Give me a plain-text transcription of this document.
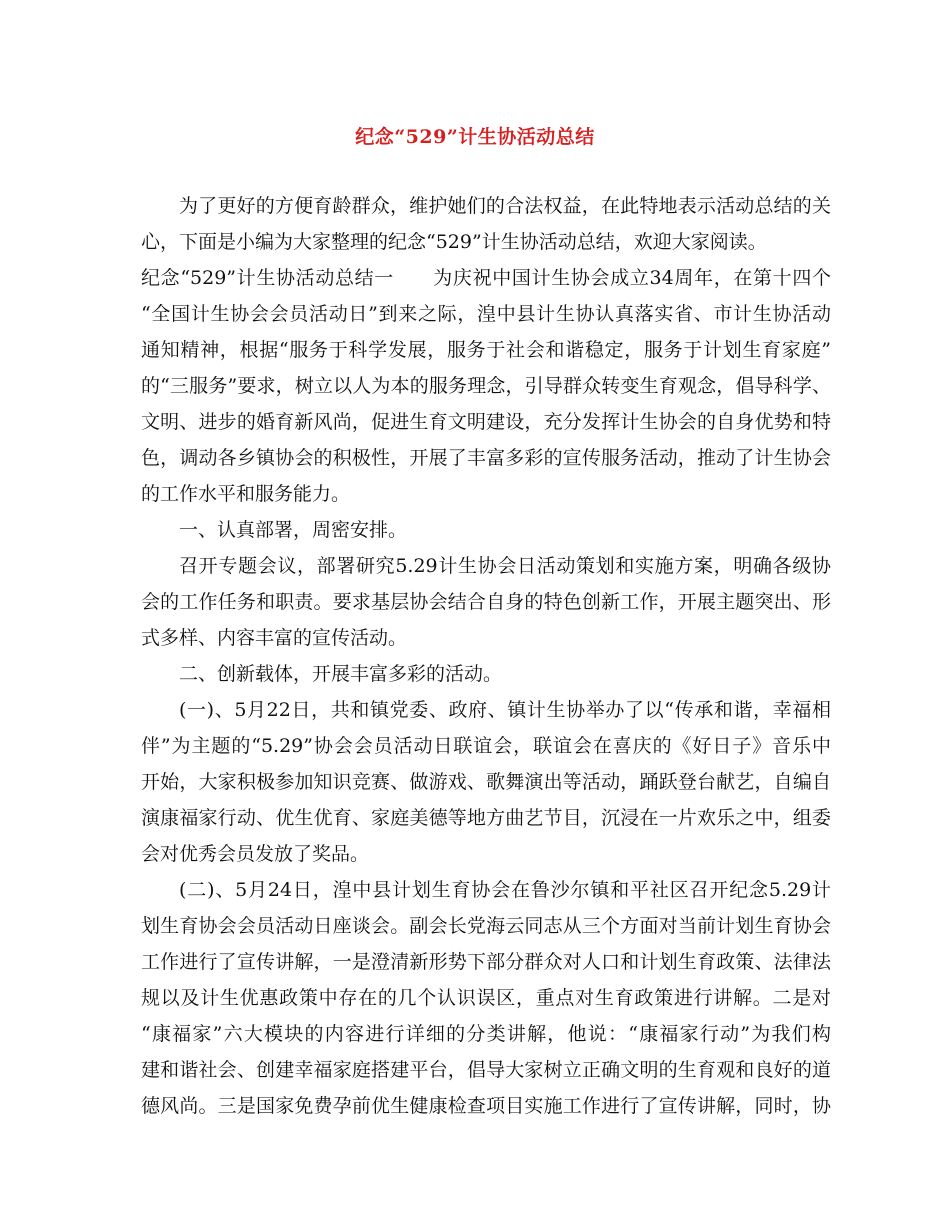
纪念“529”计生协活动总结
为了更好的方便育龄群众，维护她们的合法权益，在此特地表示活动总结的关
心，下面是小编为大家整理的纪念“529”计生协活动总结，欢迎大家阅读。
纪念“529”计生协活动总结一　　为庆祝中国计生协会成立34周年，在第十四个
“全国计生协会会员活动日”到来之际，湟中县计生协认真落实省、市计生协活动
通知精神，根据“服务于科学发展，服务于社会和谐稳定，服务于计划生育家庭”
的“三服务”要求，树立以人为本的服务理念，引导群众转变生育观念，倡导科学、
文明、进步的婚育新风尚，促进生育文明建设，充分发挥计生协会的自身优势和特
色，调动各乡镇协会的积极性，开展了丰富多彩的宣传服务活动，推动了计生协会
的工作水平和服务能力。
一、认真部署，周密安排。
召开专题会议，部署研究5.29计生协会日活动策划和实施方案，明确各级协
会的工作任务和职责。要求基层协会结合自身的特色创新工作，开展主题突出、形
式多样、内容丰富的宣传活动。
二、创新载体，开展丰富多彩的活动。
(一)、5月22日，共和镇党委、政府、镇计生协举办了以“传承和谐，幸福相
伴”为主题的“5.29”协会会员活动日联谊会，联谊会在喜庆的《好日子》音乐中
开始，大家积极参加知识竞赛、做游戏、歌舞演出等活动，踊跃登台献艺，自编自
演康福家行动、优生优育、家庭美德等地方曲艺节目，沉浸在一片欢乐之中，组委
会对优秀会员发放了奖品。
(二)、5月24日，湟中县计划生育协会在鲁沙尔镇和平社区召开纪念5.29计
划生育协会会员活动日座谈会。副会长党海云同志从三个方面对当前计划生育协会
工作进行了宣传讲解，一是澄清新形势下部分群众对人口和计划生育政策、法律法
规以及计生优惠政策中存在的几个认识误区，重点对生育政策进行讲解。二是对
“康福家”六大模块的内容进行详细的分类讲解，他说：“康福家行动”为我们构
建和谐社会、创建幸福家庭搭建平台，倡导大家树立正确文明的生育观和良好的道
德风尚。三是国家免费孕前优生健康检查项目实施工作进行了宣传讲解，同时，协
